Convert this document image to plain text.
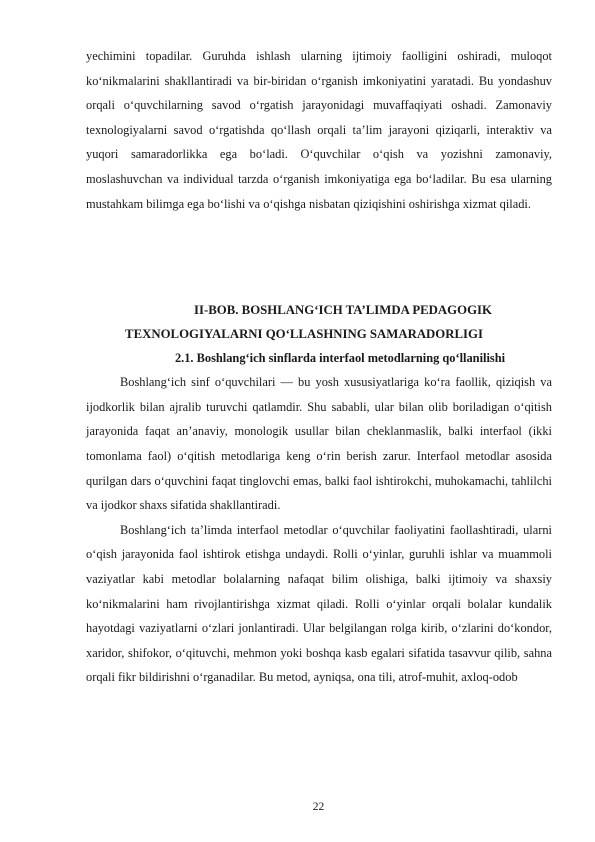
yechimini topadilar. Guruhda ishlash ularning ijtimoiy faolligini oshiradi, muloqot ko‘nikmalarini shakllantiradi va bir-biridan o‘rganish imkoniyatini yaratadi. Bu yondashuv orqali o‘quvchilarning savod o‘rgatish jarayonidagi muvaffaqiyati oshadi. Zamonaviy texnologiyalarni savod o‘rgatishda qo‘llash orqali ta’lim jarayoni qiziqarli, interaktiv va yuqori samaradorlikka ega bo‘ladi. O‘quvchilar o‘qish va yozishni zamonaviy, moslashuvchan va individual tarzda o‘rganish imkoniyatiga ega bo‘ladilar. Bu esa ularning mustahkam bilimga ega bo‘lishi va o‘qishga nisbatan qiziqishini oshirishga xizmat qiladi.

II-BOB. BOSHLANG‘ICH TA’LIMDA PEDAGOGIK
TEXNOLOGIYALARNI QO‘LLASHNING SAMARADORLIGI
2.1. Boshlang‘ich sinflarda interfaol metodlarning qo‘llanilishi

Boshlang‘ich sinf o‘quvchilari — bu yosh xususiyatlariga ko‘ra faollik, qiziqish va ijodkorlik bilan ajralib turuvchi qatlamdir. Shu sababli, ular bilan olib boriladigan o‘qitish jarayonida faqat an’anaviy, monologik usullar bilan cheklanmaslik, balki interfaol (ikki tomonlama faol) o‘qitish metodlariga keng o‘rin berish zarur. Interfaol metodlar asosida qurilgan dars o‘quvchini faqat tinglovchi emas, balki faol ishtirokchi, muhokamachi, tahlilchi va ijodkor shaxs sifatida shakllantiradi.

Boshlang‘ich ta’limda interfaol metodlar o‘quvchilar faoliyatini faollashtiradi, ularni o‘qish jarayonida faol ishtirok etishga undaydi. Rolli o‘yinlar, guruhli ishlar va muammoli vaziyatlar kabi metodlar bolalarning nafaqat bilim olishiga, balki ijtimoiy va shaxsiy ko‘nikmalarini ham rivojlantirishga xizmat qiladi. Rolli o‘yinlar orqali bolalar kundalik hayotdagi vaziyatlarni o‘zlari jonlantiradi. Ular belgilangan rolga kirib, o‘zlarini do‘kondor, xaridor, shifokor, o‘qituvchi, mehmon yoki boshqa kasb egalari sifatida tasavvur qilib, sahna orqali fikr bildirishni o‘rganadilar. Bu metod, ayniqsa, ona tili, atrof-muhit, axloq-odob

22
